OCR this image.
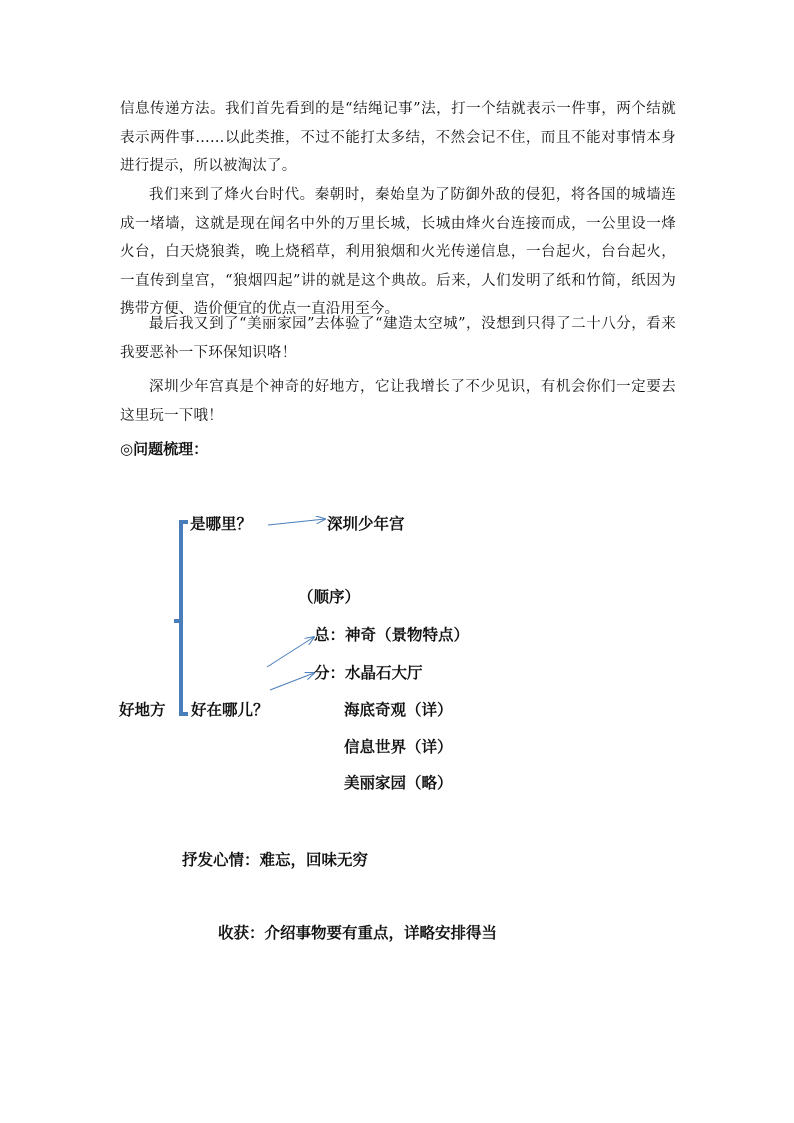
信息传递方法。我们首先看到的是“结绳记事”法，打一个结就表示一件事，两个结就表示两件事……以此类推，不过不能打太多结，不然会记不住，而且不能对事情本身进行提示，所以被淘汰了。

我们来到了烽火台时代。秦朝时，秦始皇为了防御外敌的侵犯，将各国的城墙连成一堵墙，这就是现在闻名中外的万里长城，长城由烽火台连接而成，一公里设一烽火台，白天烧狼粪，晚上烧稻草，利用狼烟和火光传递信息，一台起火，台台起火，一直传到皇宫，“狼烟四起”讲的就是这个典故。后来，人们发明了纸和竹简，纸因为携带方便、造价便宜的优点一直沿用至今。

最后我又到了“美丽家园”去体验了“建造太空城”，没想到只得了二十八分，看来我要恶补一下环保知识咯！

深圳少年宫真是个神奇的好地方，它让我增长了不少见识，有机会你们一定要去这里玩一下哦！

◎问题梳理：
是哪里？	深圳少年宫
（顺序）
总：神奇（景物特点）
分：水晶石大厅
好地方 好在哪儿？	海底奇观（详）
信息世界（详）
美丽家园（略）
抒发心情：难忘，回味无穷
收获：介绍事物要有重点，详略安排得当
